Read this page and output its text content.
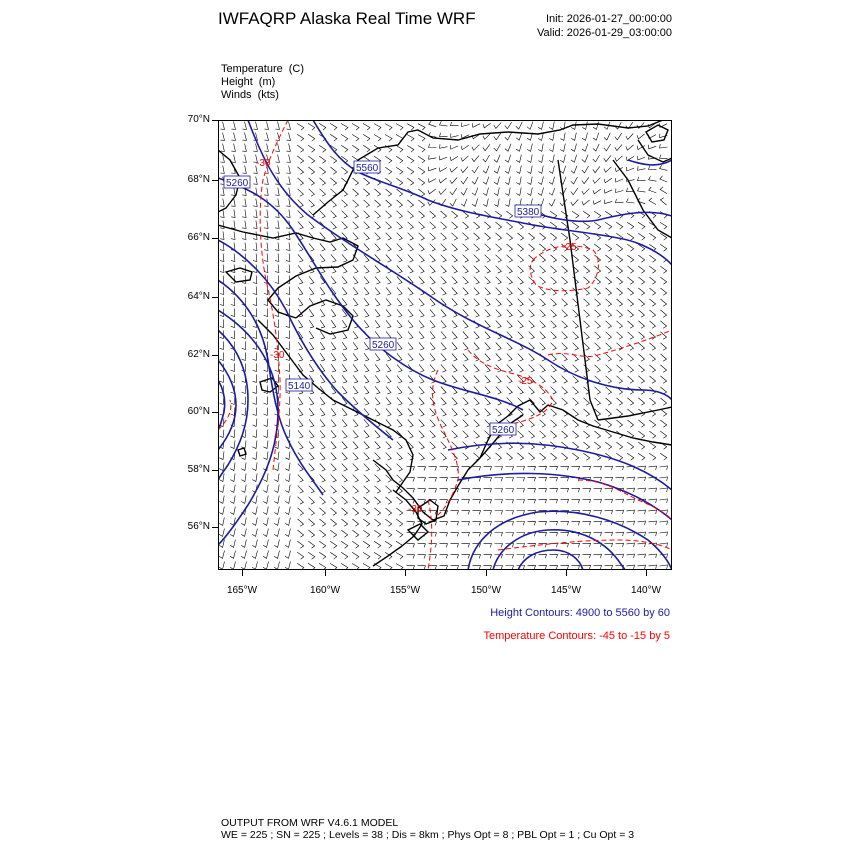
IWFAQRP Alaska Real Time WRF	Init: 2026-01-27_00:00:00
Valid: 2026-01-29_03:00:00
Temperature (C)
Height (m)
Winds (kts)
5260
5560
5380
5260
5140
5260
-30
-30
-25
-25
-30
70°N
68°N
66°N
64°N
62°N
60°N
58°N
56°N
165°W	160°W	155°W	150°W	145°W	140°W
Height Contours: 4900 to 5560 by 60
Temperature Contours: -45 to -15 by 5
OUTPUT FROM WRF V4.6.1 MODEL
WE = 225 ; SN = 225 ; Levels = 38 ; Dis = 8km ; Phys Opt = 8 ; PBL Opt = 1 ; Cu Opt = 3
